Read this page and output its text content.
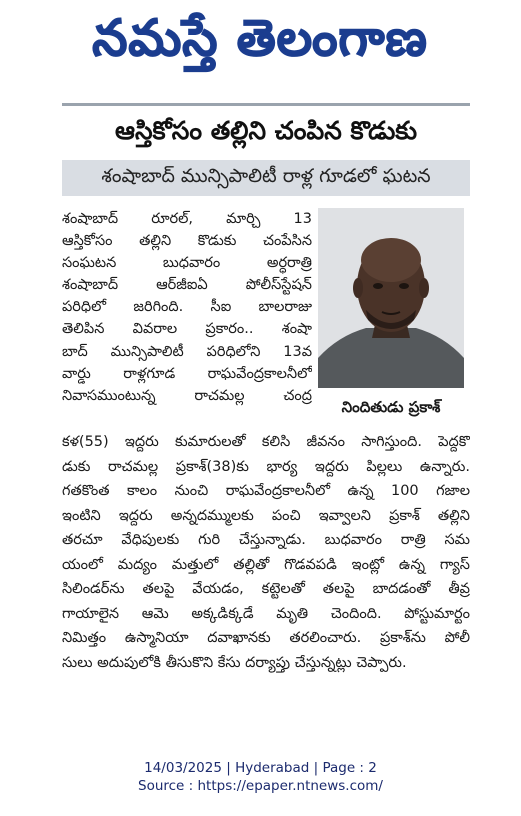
నమస్తే తెలంగాణ
ఆస్తికోసం తల్లిని చంపిన కొడుకు
శంషాబాద్ మున్సిపాలిటీ రాళ్ల గూడలో ఘటన
శంషాబాద్ రూరల్, మార్చి 13
ఆస్తికోసం తల్లిని కొడుకు చంపేసిన
సంఘటన బుధవారం అర్ధరాత్రి
శంషాబాద్ ఆర్‌జీఐఏ పోలీస్‌స్టేషన్
పరిధిలో జరిగింది. సీఐ బాలరాజు
తెలిపిన వివరాల ప్రకారం.. శంషా
బాద్ మున్సిపాలిటీ పరిధిలోని 13వ
వార్డు రాళ్లగూడ రాఘవేంద్రకాలనీలో
నివాసముంటున్న రాచమల్ల చంద్ర
నిందితుడు ప్రకాశ్
కళ(55) ఇద్దరు కుమారులతో కలిసి జీవనం సాగిస్తుంది. పెద్దకొ
డుకు రాచమల్ల ప్రకాశ్(38)కు భార్య ఇద్దరు పిల్లలు ఉన్నారు.
గతకొంత కాలం నుంచి రాఘవేంద్రకాలనీలో ఉన్న 100 గజాల
ఇంటిని ఇద్దరు అన్నదమ్ములకు పంచి ఇవ్వాలని ప్రకాశ్ తల్లిని
తరచూ వేధిపులకు గురి చేస్తున్నాడు. బుధవారం రాత్రి సమ
యంలో మద్యం మత్తులో తల్లితో గొడవపడి ఇంట్లో ఉన్న గ్యాస్
సిలిండర్‌ను తలపై వేయడం, కట్టెలతో తలపై బాదడంతో తీవ్ర
గాయాలైన ఆమె అక్కడిక్కడే మృతి చెందింది. పోస్టుమార్టం
నిమిత్తం ఉస్మానియా దవాఖానకు తరలించారు. ప్రకాశ్‌ను పోలీ
సులు అదుపులోకి తీసుకొని కేసు దర్యాప్తు చేస్తున్నట్లు చెప్పారు.
14/03/2025 | Hyderabad | Page : 2
Source : https://epaper.ntnews.com/
